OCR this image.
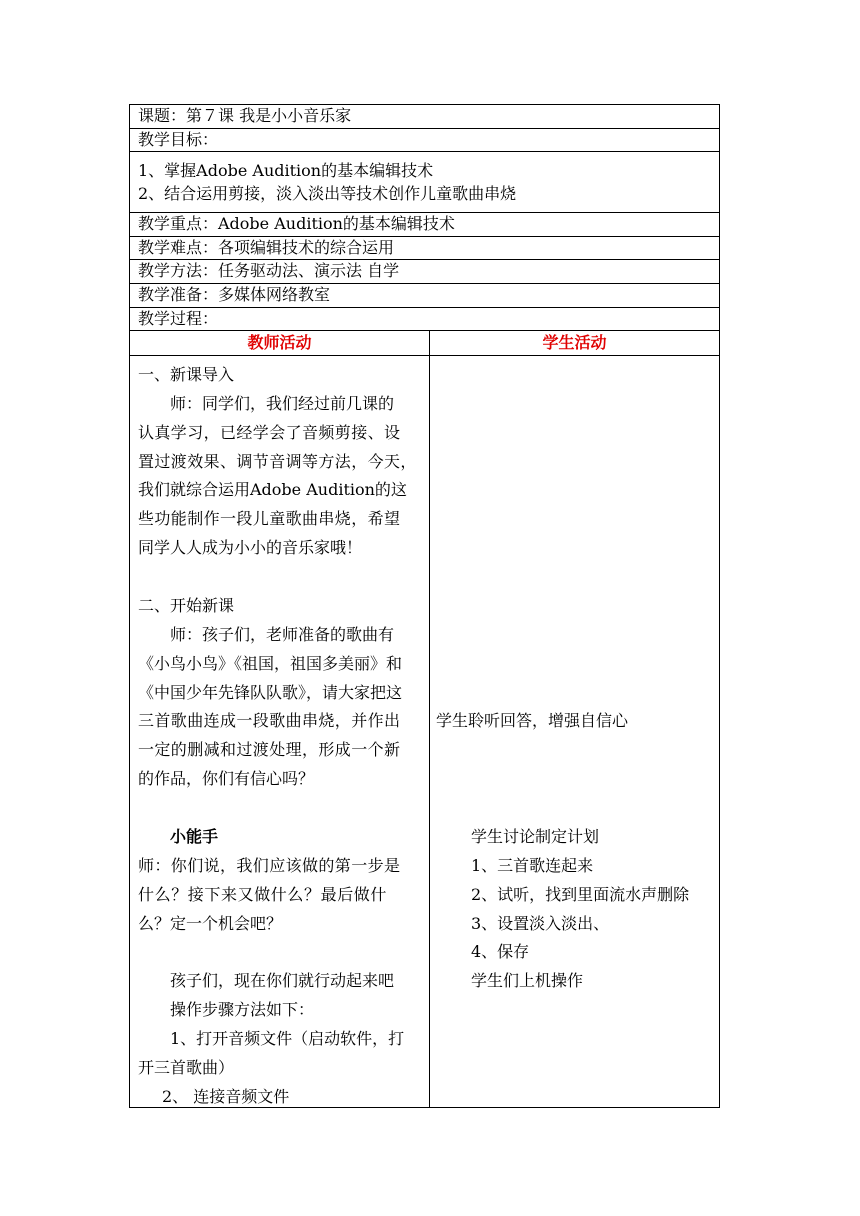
课题：第７课 我是小小音乐家
教学目标：
1、掌握Adobe Audition的基本编辑技术
2、结合运用剪接，淡入淡出等技术创作儿童歌曲串烧
教学重点：Adobe Audition的基本编辑技术
教学难点：各项编辑技术的综合运用
教学方法：任务驱动法、演示法 自学
教学准备：多媒体网络教室
教学过程：
教师活动	学生活动
一、新课导入
师：同学们，我们经过前几课的
认真学习，已经学会了音频剪接、设
置过渡效果、调节音调等方法，今天，
我们就综合运用Adobe Audition的这
些功能制作一段儿童歌曲串烧，希望
同学人人成为小小的音乐家哦！
二、开始新课
师：孩子们，老师准备的歌曲有
《小鸟小鸟》《祖国，祖国多美丽》和
《中国少年先锋队队歌》，请大家把这
三首歌曲连成一段歌曲串烧，并作出
一定的删减和过渡处理，形成一个新
的作品，你们有信心吗？
小能手
师：你们说，我们应该做的第一步是
什么？接下来又做什么？最后做什
么？定一个机会吧？
孩子们，现在你们就行动起来吧
操作步骤方法如下：
1、打开音频文件（启动软件，打
开三首歌曲）
2、 连接音频文件
学生聆听回答，增强自信心
学生讨论制定计划
1、三首歌连起来
2、试听，找到里面流水声删除
3、设置淡入淡出、
4、保存
学生们上机操作
